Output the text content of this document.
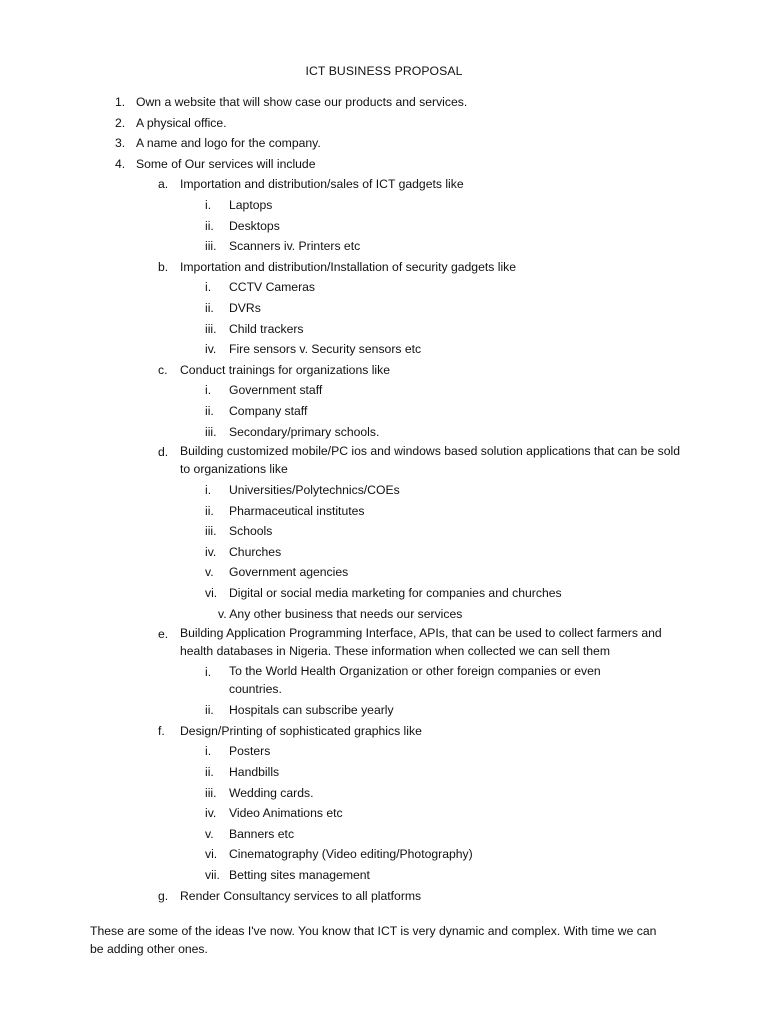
ICT BUSINESS PROPOSAL
1. Own a website that will show case our products and services.
2. A physical office.
3. A name and logo for the company.
4. Some of Our services will include
a. Importation and distribution/sales of ICT gadgets like
i. Laptops
ii. Desktops
iii. Scanners iv. Printers etc
b. Importation and distribution/Installation of security gadgets like
i. CCTV Cameras
ii. DVRs
iii. Child trackers
iv. Fire sensors v. Security sensors etc
c. Conduct trainings for organizations like
i. Government staff
ii. Company staff
iii. Secondary/primary schools.
d. Building customized mobile/PC ios and windows based solution applications that can be sold to organizations like
i. Universities/Polytechnics/COEs
ii. Pharmaceutical institutes
iii. Schools
iv. Churches
v. Government agencies
vi. Digital or social media marketing for companies and churches
v. Any other business that needs our services
e. Building Application Programming Interface, APIs, that can be used to collect farmers and health databases in Nigeria. These information when collected we can sell them
i. To the World Health Organization or other foreign companies or even countries.
ii. Hospitals can subscribe yearly
f. Design/Printing of sophisticated graphics like
i. Posters
ii. Handbills
iii. Wedding cards.
iv. Video Animations etc
v. Banners etc
vi. Cinematography (Video editing/Photography)
vii. Betting sites management
g. Render Consultancy services to all platforms
These are some of the ideas I've now. You know that ICT is very dynamic and complex. With time we can be adding other ones.
